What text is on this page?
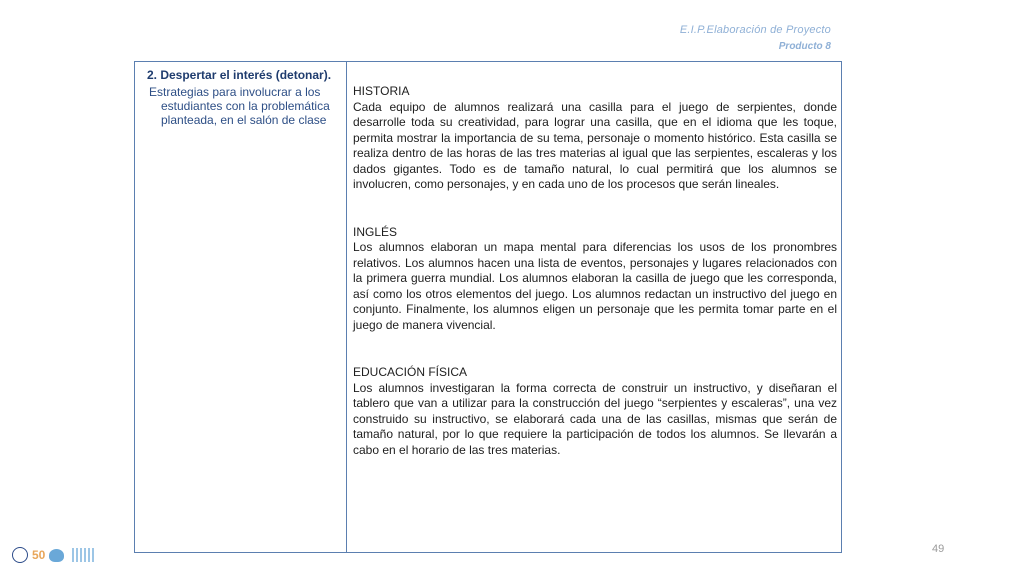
E.I.P.Elaboración de Proyecto
Producto 8
2. Despertar el interés (detonar).
Estrategias para involucrar a los estudiantes con la problemática planteada, en el salón de clase
HISTORIA
Cada equipo de alumnos realizará una casilla para el juego de serpientes, donde desarrolle toda su creatividad, para lograr una casilla, que en el idioma que les toque, permita mostrar la importancia de su tema, personaje o momento histórico. Esta casilla se realiza dentro de las horas de las tres materias al igual que las serpientes, escaleras y los dados gigantes. Todo es de tamaño natural, lo cual permitirá que los alumnos se involucren, como personajes, y en cada uno de los procesos que serán lineales.
INGLÉS
Los alumnos elaboran un mapa mental para diferencias los usos de los pronombres relativos. Los alumnos hacen una lista de eventos, personajes y lugares relacionados con la primera guerra mundial. Los alumnos elaboran la casilla de juego que les corresponda, así como los otros elementos del juego. Los alumnos redactan un instructivo del juego en conjunto. Finalmente, los alumnos eligen un personaje que les permita tomar parte en el juego de manera vivencial.
EDUCACIÓN FÍSICA
Los alumnos investigaran la forma correcta de construir un instructivo, y diseñaran el tablero que van a utilizar para la construcción del juego “serpientes y escaleras”, una vez construido su instructivo, se elaborará cada una de las casillas, mismas que serán de tamaño natural, por lo que requiere la participación de todos los alumnos. Se llevarán a cabo en el horario de las tres materias.
49
50
